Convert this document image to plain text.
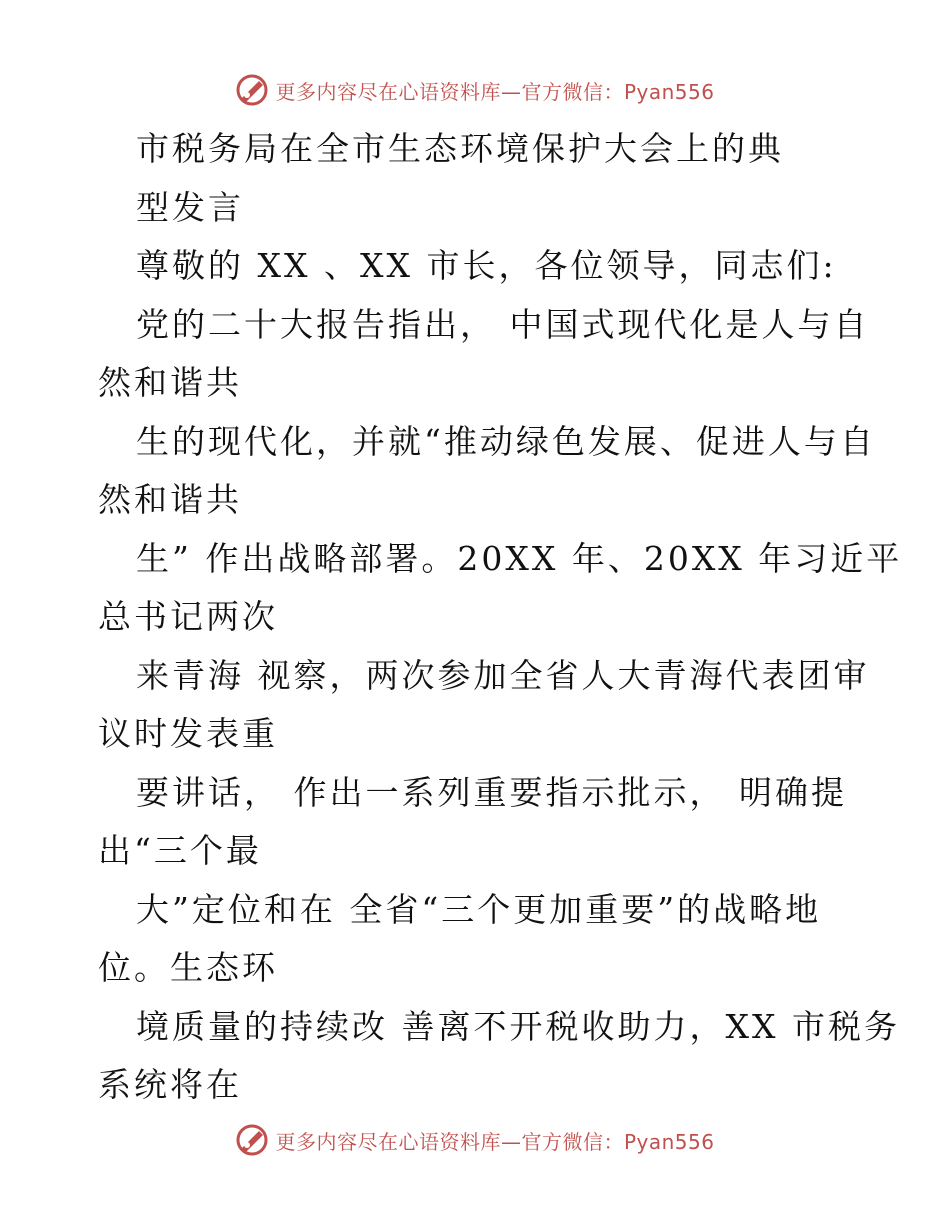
更多内容尽在心语资料库—官方微信：Pyan556
市税务局在全市生态环境保护大会上的典
型发言
尊敬的 XX 、XX 市长，各位领导，同志们:
党的二十大报告指出， 中国式现代化是人与自
然和谐共
生的现代化，并就“推动绿色发展、促进人与自
然和谐共
生” 作出战略部署。20XX 年、20XX 年习近平
总书记两次
来青海 视察，两次参加全省人大青海代表团审
议时发表重
要讲话， 作出一系列重要指示批示， 明确提
出“三个最
大”定位和在 全省“三个更加重要”的战略地
位。生态环
境质量的持续改 善离不开税收助力，XX 市税务
系统将在
更多内容尽在心语资料库—官方微信：Pyan556
